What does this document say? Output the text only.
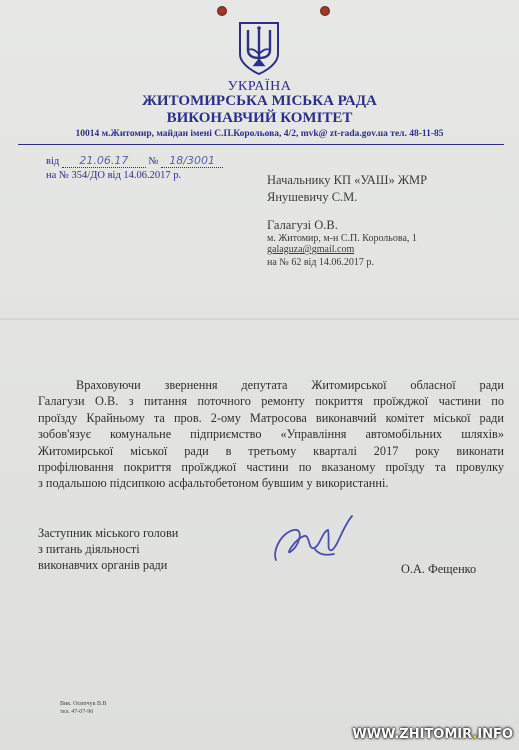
УКРАЇНА
ЖИТОМИРСЬКА МІСЬКА РАДА
ВИКОНАВЧИЙ КОМІТЕТ
10014 м.Житомир, майдан імені С.П.Корольова, 4/2, mvk@ zt-rada.gov.ua тел. 48-11-85
від 21.06.17 № 18/3001
на № 354/ДО від 14.06.2017 р.	Начальнику КП «УАШ» ЖМР
Янушевичу С.М.
Галагузі О.В.
м. Житомир, м-н С.П. Корольова, 1
galaguza@gmail.com
на № 62 від 14.06.2017 р.
Враховуючи звернення депутата Житомирської обласної ради
Галагузи О.В. з питання поточного ремонту покриття проїжджої частини по
проїзду Крайньому та пров. 2-ому Матросова виконавчий комітет міської ради
зобов'язує комунальне підприємство «Управління автомобільних шляхів»
Житомирської міської ради в третьому кварталі 2017 року виконати
профілювання покриття проїжджої частини по вказаному проїзду та провулку
з подальшою підсипкою асфальтобетоном бувшим у використанні.
Заступник міського голови
з питань діяльності
виконавчих органів ради	О.А. Фещенко
Вик. Осипчук В.В
тел. 47-07-96
WWW.ZHITOMIR.INFO
